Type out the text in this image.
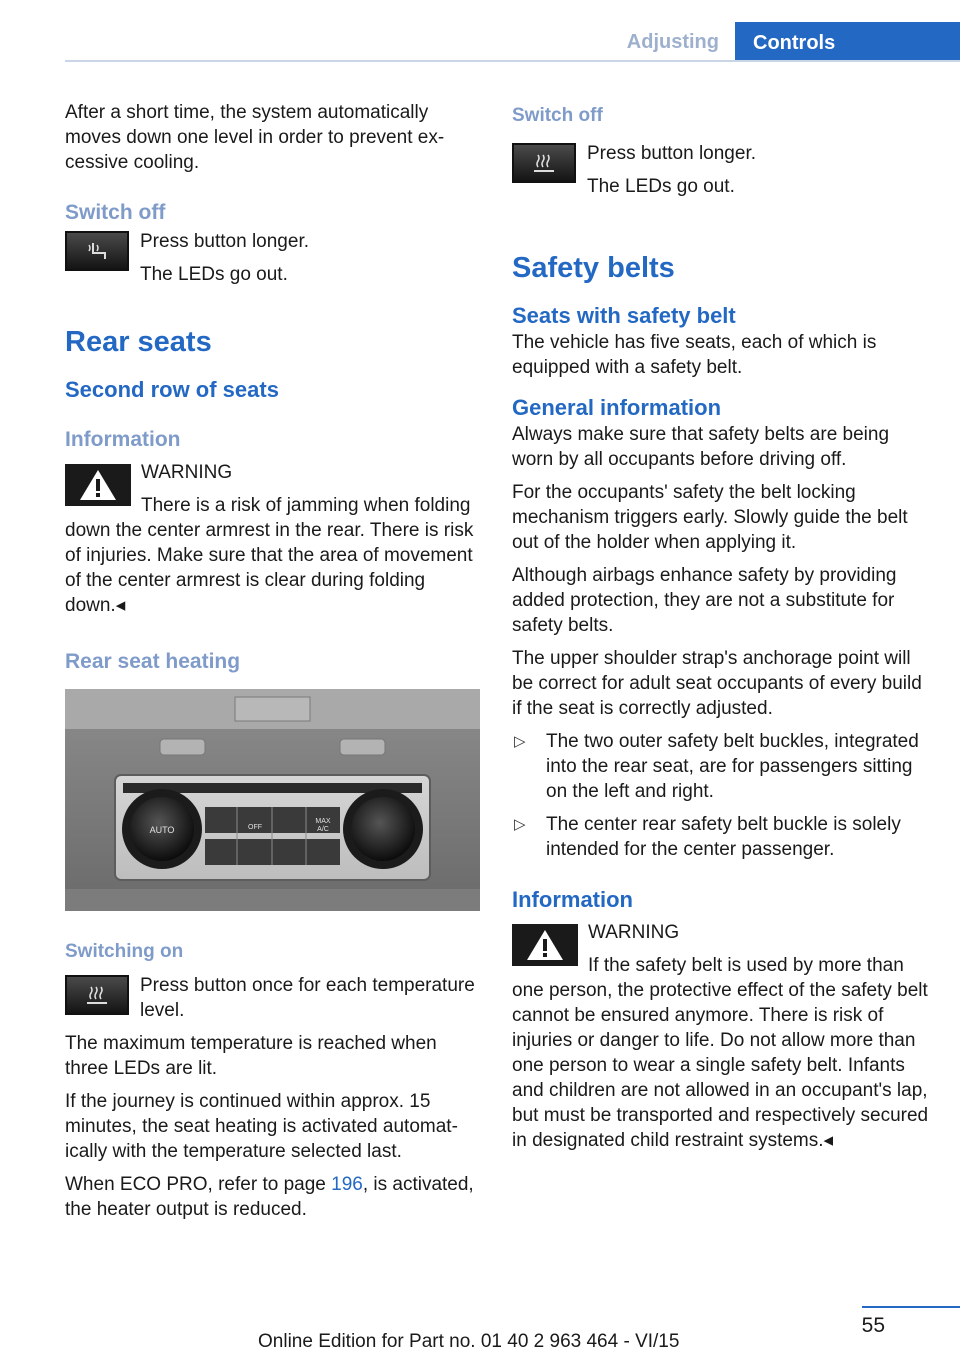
Adjusting	Controls

After a short time, the system automatically moves down one level in order to prevent excessive cooling.

Switch off

Press button longer.

The LEDs go out.

Rear seats
Second row of seats
Information

WARNING

There is a risk of jamming when folding down the center armrest in the rear. There is risk of injuries. Make sure that the area of movement of the center armrest is clear during folding down.◂

Rear seat heating
AUTO	OFF
MAX
A/C
Switching on

Press button once for each temperature level.

The maximum temperature is reached when three LEDs are lit.

If the journey is continued within approx. 15 minutes, the seat heating is activated automatically with the temperature selected last.

When ECO PRO, refer to page 196, is activated, the heater output is reduced.

Switch off

Press button longer.

The LEDs go out.

Safety belts
Seats with safety belt

The vehicle has five seats, each of which is equipped with a safety belt.

General information

Always make sure that safety belts are being worn by all occupants before driving off.

For the occupants' safety the belt locking mechanism triggers early. Slowly guide the belt out of the holder when applying it.

Although airbags enhance safety by providing added protection, they are not a substitute for safety belts.

The upper shoulder strap's anchorage point will be correct for adult seat occupants of every build if the seat is correctly adjusted.

▷ The two outer safety belt buckles, integrated into the rear seat, are for passengers sitting on the left and right.
▷ The center rear safety belt buckle is solely intended for the center passenger.
Information

WARNING

If the safety belt is used by more than one person, the protective effect of the safety belt cannot be ensured anymore. There is risk of injuries or danger to life. Do not allow more than one person to wear a single safety belt. Infants and children are not allowed in an occupant's lap, but must be transported and respectively secured in designated child restraint systems.◂

55
Online Edition for Part no. 01 40 2 963 464 - VI/15
